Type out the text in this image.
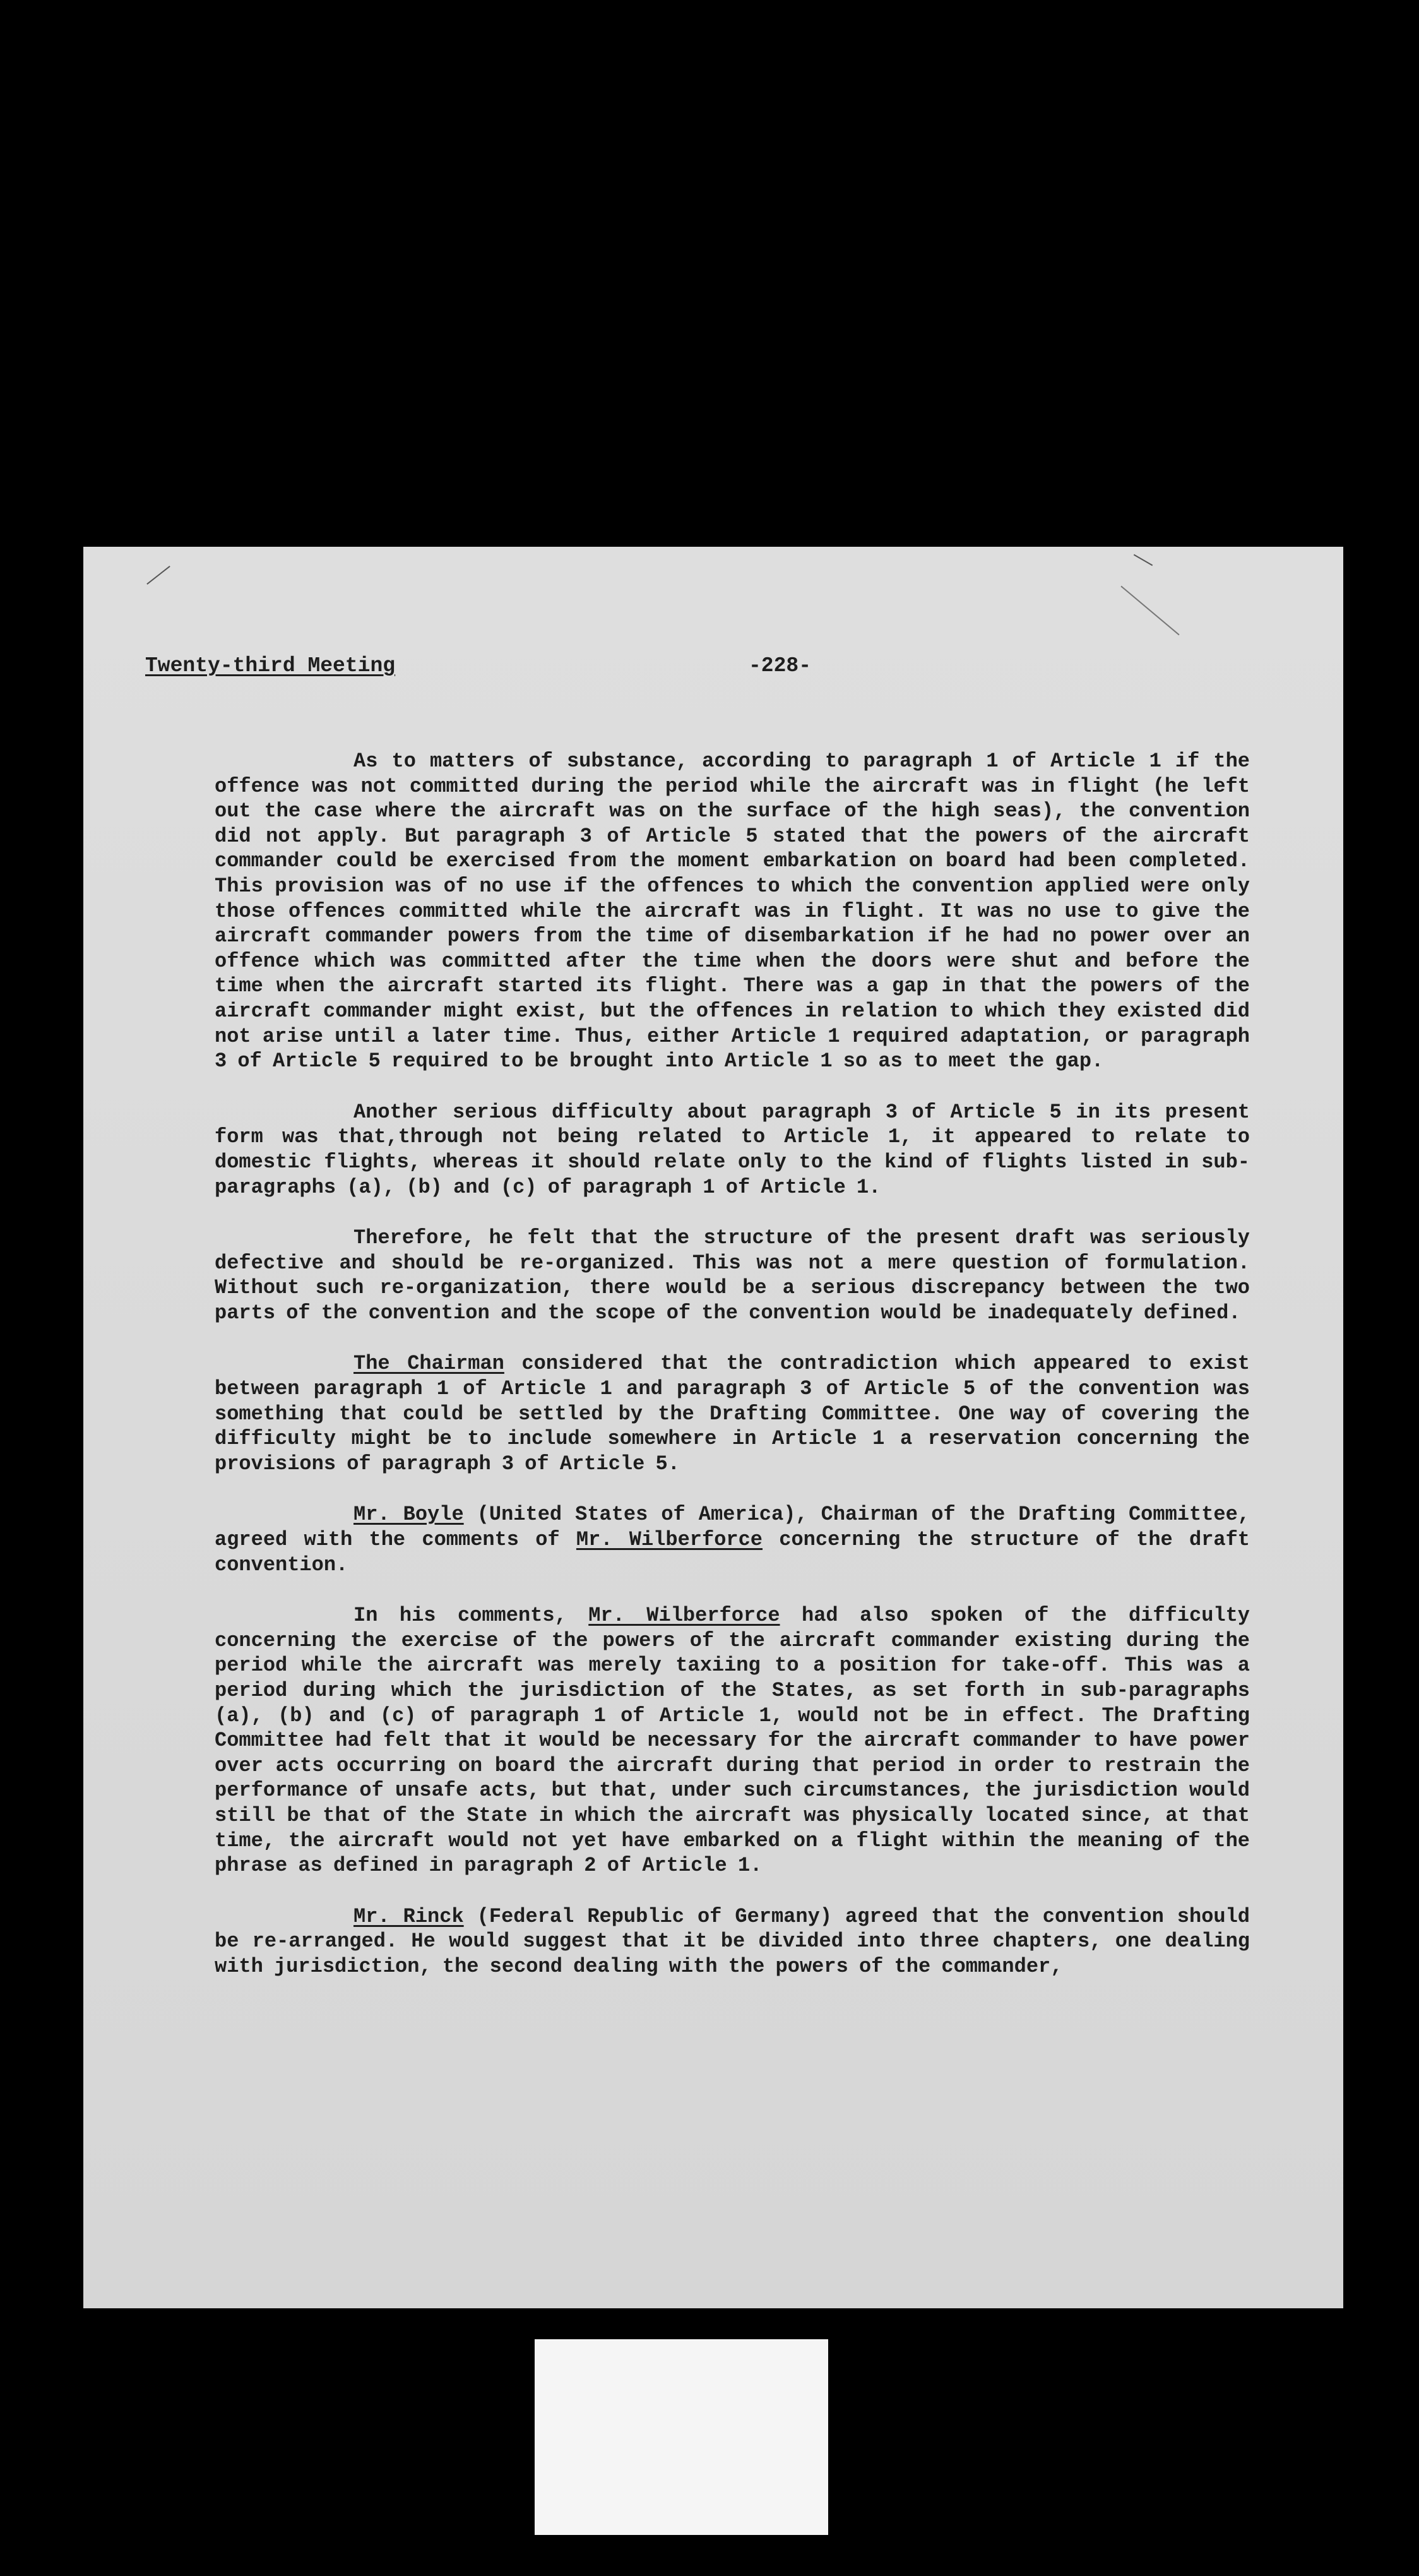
Twenty-third Meeting	-228-

As to matters of substance, according to paragraph 1 of Article 1 if the offence was not committed during the period while the aircraft was in flight (he left out the case where the aircraft was on the surface of the high seas), the convention did not apply. But paragraph 3 of Article 5 stated that the powers of the aircraft commander could be exercised from the moment embarkation on board had been completed. This provision was of no use if the offences to which the convention applied were only those offences committed while the aircraft was in flight. It was no use to give the aircraft commander powers from the time of disembarkation if he had no power over an offence which was committed after the time when the doors were shut and before the time when the aircraft started its flight. There was a gap in that the powers of the aircraft commander might exist, but the offences in relation to which they existed did not arise until a later time. Thus, either Article 1 required adaptation, or paragraph 3 of Article 5 required to be brought into Article 1 so as to meet the gap.

Another serious difficulty about paragraph 3 of Article 5 in its present form was that,through not being related to Article 1, it appeared to relate to domestic flights, whereas it should relate only to the kind of flights listed in sub-paragraphs (a), (b) and (c) of paragraph 1 of Article 1.

Therefore, he felt that the structure of the present draft was seriously defective and should be re-organized. This was not a mere question of formulation. Without such re-organization, there would be a serious discrepancy between the two parts of the convention and the scope of the convention would be inadequately defined.

The Chairman considered that the contradiction which appeared to exist between paragraph 1 of Article 1 and paragraph 3 of Article 5 of the convention was something that could be settled by the Drafting Committee. One way of covering the difficulty might be to include somewhere in Article 1 a reservation concerning the provisions of paragraph 3 of Article 5.

Mr. Boyle (United States of America), Chairman of the Drafting Committee, agreed with the comments of Mr. Wilberforce concerning the structure of the draft convention.

In his comments, Mr. Wilberforce had also spoken of the difficulty concerning the exercise of the powers of the aircraft commander existing during the period while the aircraft was merely taxiing to a position for take-off. This was a period during which the jurisdiction of the States, as set forth in sub-paragraphs (a), (b) and (c) of paragraph 1 of Article 1, would not be in effect. The Drafting Committee had felt that it would be necessary for the aircraft commander to have power over acts occurring on board the aircraft during that period in order to restrain the performance of unsafe acts, but that, under such circumstances, the jurisdiction would still be that of the State in which the aircraft was physically located since, at that time, the aircraft would not yet have embarked on a flight within the meaning of the phrase as defined in paragraph 2 of Article 1.

Mr. Rinck (Federal Republic of Germany) agreed that the convention should be re-arranged. He would suggest that it be divided into three chapters, one dealing with jurisdiction, the second dealing with the powers of the commander,
